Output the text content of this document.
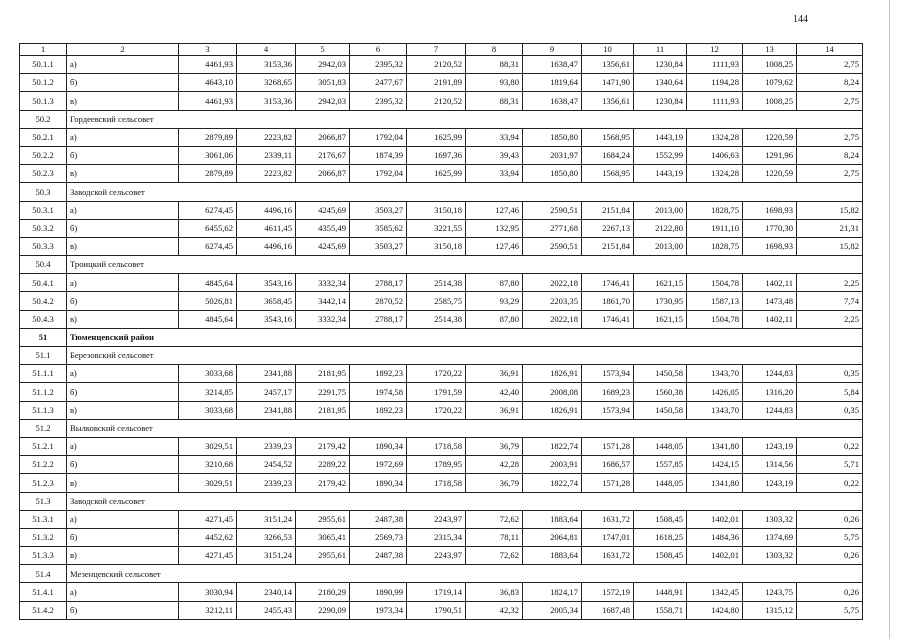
144
1	2	3	4	5	6	7	8	9	10	11	12	13	14
50.1.1	а)	4461,93	3153,36	2942,03	2395,32	2120,52	88,31	1638,47	1356,61	1230,84	1111,93	1008,25	2,75
50.1.2	б)	4643,10	3268,65	3051,83	2477,67	2191,89	93,80	1819,64	1471,90	1340,64	1194,28	1079,62	8,24
50.1.3	в)	4461,93	3153,36	2942,03	2395,32	2120,52	88,31	1638,47	1356,61	1230,84	1111,93	1008,25	2,75
50.2	Гордеевский сельсовет												
50.2.1	а)	2879,89	2223,82	2066,87	1792,04	1625,99	33,94	1850,80	1568,95	1443,19	1324,28	1220,59	2,75
50.2.2	б)	3061,06	2339,11	2176,67	1874,39	1697,36	39,43	2031,97	1684,24	1552,99	1406,63	1291,96	8,24
50.2.3	в)	2879,89	2223,82	2066,87	1792,04	1625,99	33,94	1850,80	1568,95	1443,19	1324,28	1220,59	2,75
50.3	Заводской сельсовет												
50.3.1	а)	6274,45	4496,16	4245,69	3503,27	3150,18	127,46	2590,51	2151,84	2013,00	1828,75	1698,93	15,82
50.3.2	б)	6455,62	4611,45	4355,49	3585,62	3221,55	132,95	2771,68	2267,13	2122,80	1911,10	1770,30	21,31
50.3.3	в)	6274,45	4496,16	4245,69	3503,27	3150,18	127,46	2590,51	2151,84	2013,00	1828,75	1698,93	15,82
50.4	Троицкий сельсовет												
50.4.1	а)	4845,64	3543,16	3332,34	2788,17	2514,38	87,80	2022,18	1746,41	1621,15	1504,78	1402,11	2,25
50.4.2	б)	5026,81	3658,45	3442,14	2870,52	2585,75	93,29	2203,35	1861,70	1730,95	1587,13	1473,48	7,74
50.4.3	в)	4845,64	3543,16	3332,34	2788,17	2514,38	87,80	2022,18	1746,41	1621,15	1504,78	1402,11	2,25
51	Тюменцевский район												
51.1	Березовский сельсовет												
51.1.1	а)	3033,68	2341,88	2181,95	1892,23	1720,22	36,91	1826,91	1573,94	1450,58	1343,70	1244,83	0,35
51.1.2	б)	3214,85	2457,17	2291,75	1974,58	1791,59	42,40	2008,08	1689,23	1560,38	1426,05	1316,20	5,84
51.1.3	в)	3033,68	2341,88	2181,95	1892,23	1720,22	36,91	1826,91	1573,94	1450,58	1343,70	1244,83	0,35
51.2	Вылковский сельсовет												
51.2.1	а)	3029,51	2339,23	2179,42	1890,34	1718,58	36,79	1822,74	1571,28	1448,05	1341,80	1243,19	0,22
51.2.2	б)	3210,68	2454,52	2289,22	1972,69	1789,95	42,28	2003,91	1686,57	1557,85	1424,15	1314,56	5,71
51.2.3	в)	3029,51	2339,23	2179,42	1890,34	1718,58	36,79	1822,74	1571,28	1448,05	1341,80	1243,19	0,22
51.3	Заводской сельсовет												
51.3.1	а)	4271,45	3151,24	2955,61	2487,38	2243,97	72,62	1883,64	1631,72	1508,45	1402,01	1303,32	0,26
51.3.2	б)	4452,62	3266,53	3065,41	2569,73	2315,34	78,11	2064,81	1747,01	1618,25	1484,36	1374,69	5,75
51.3.3	в)	4271,45	3151,24	2955,61	2487,38	2243,97	72,62	1883,64	1631,72	1508,45	1402,01	1303,32	0,26
51.4	Мезенцевский сельсовет												
51.4.1	а)	3030,94	2340,14	2180,29	1890,99	1719,14	36,83	1824,17	1572,19	1448,91	1342,45	1243,75	0,26
51.4.2	б)	3212,11	2455,43	2290,09	1973,34	1790,51	42,32	2005,34	1687,48	1558,71	1424,80	1315,12	5,75
